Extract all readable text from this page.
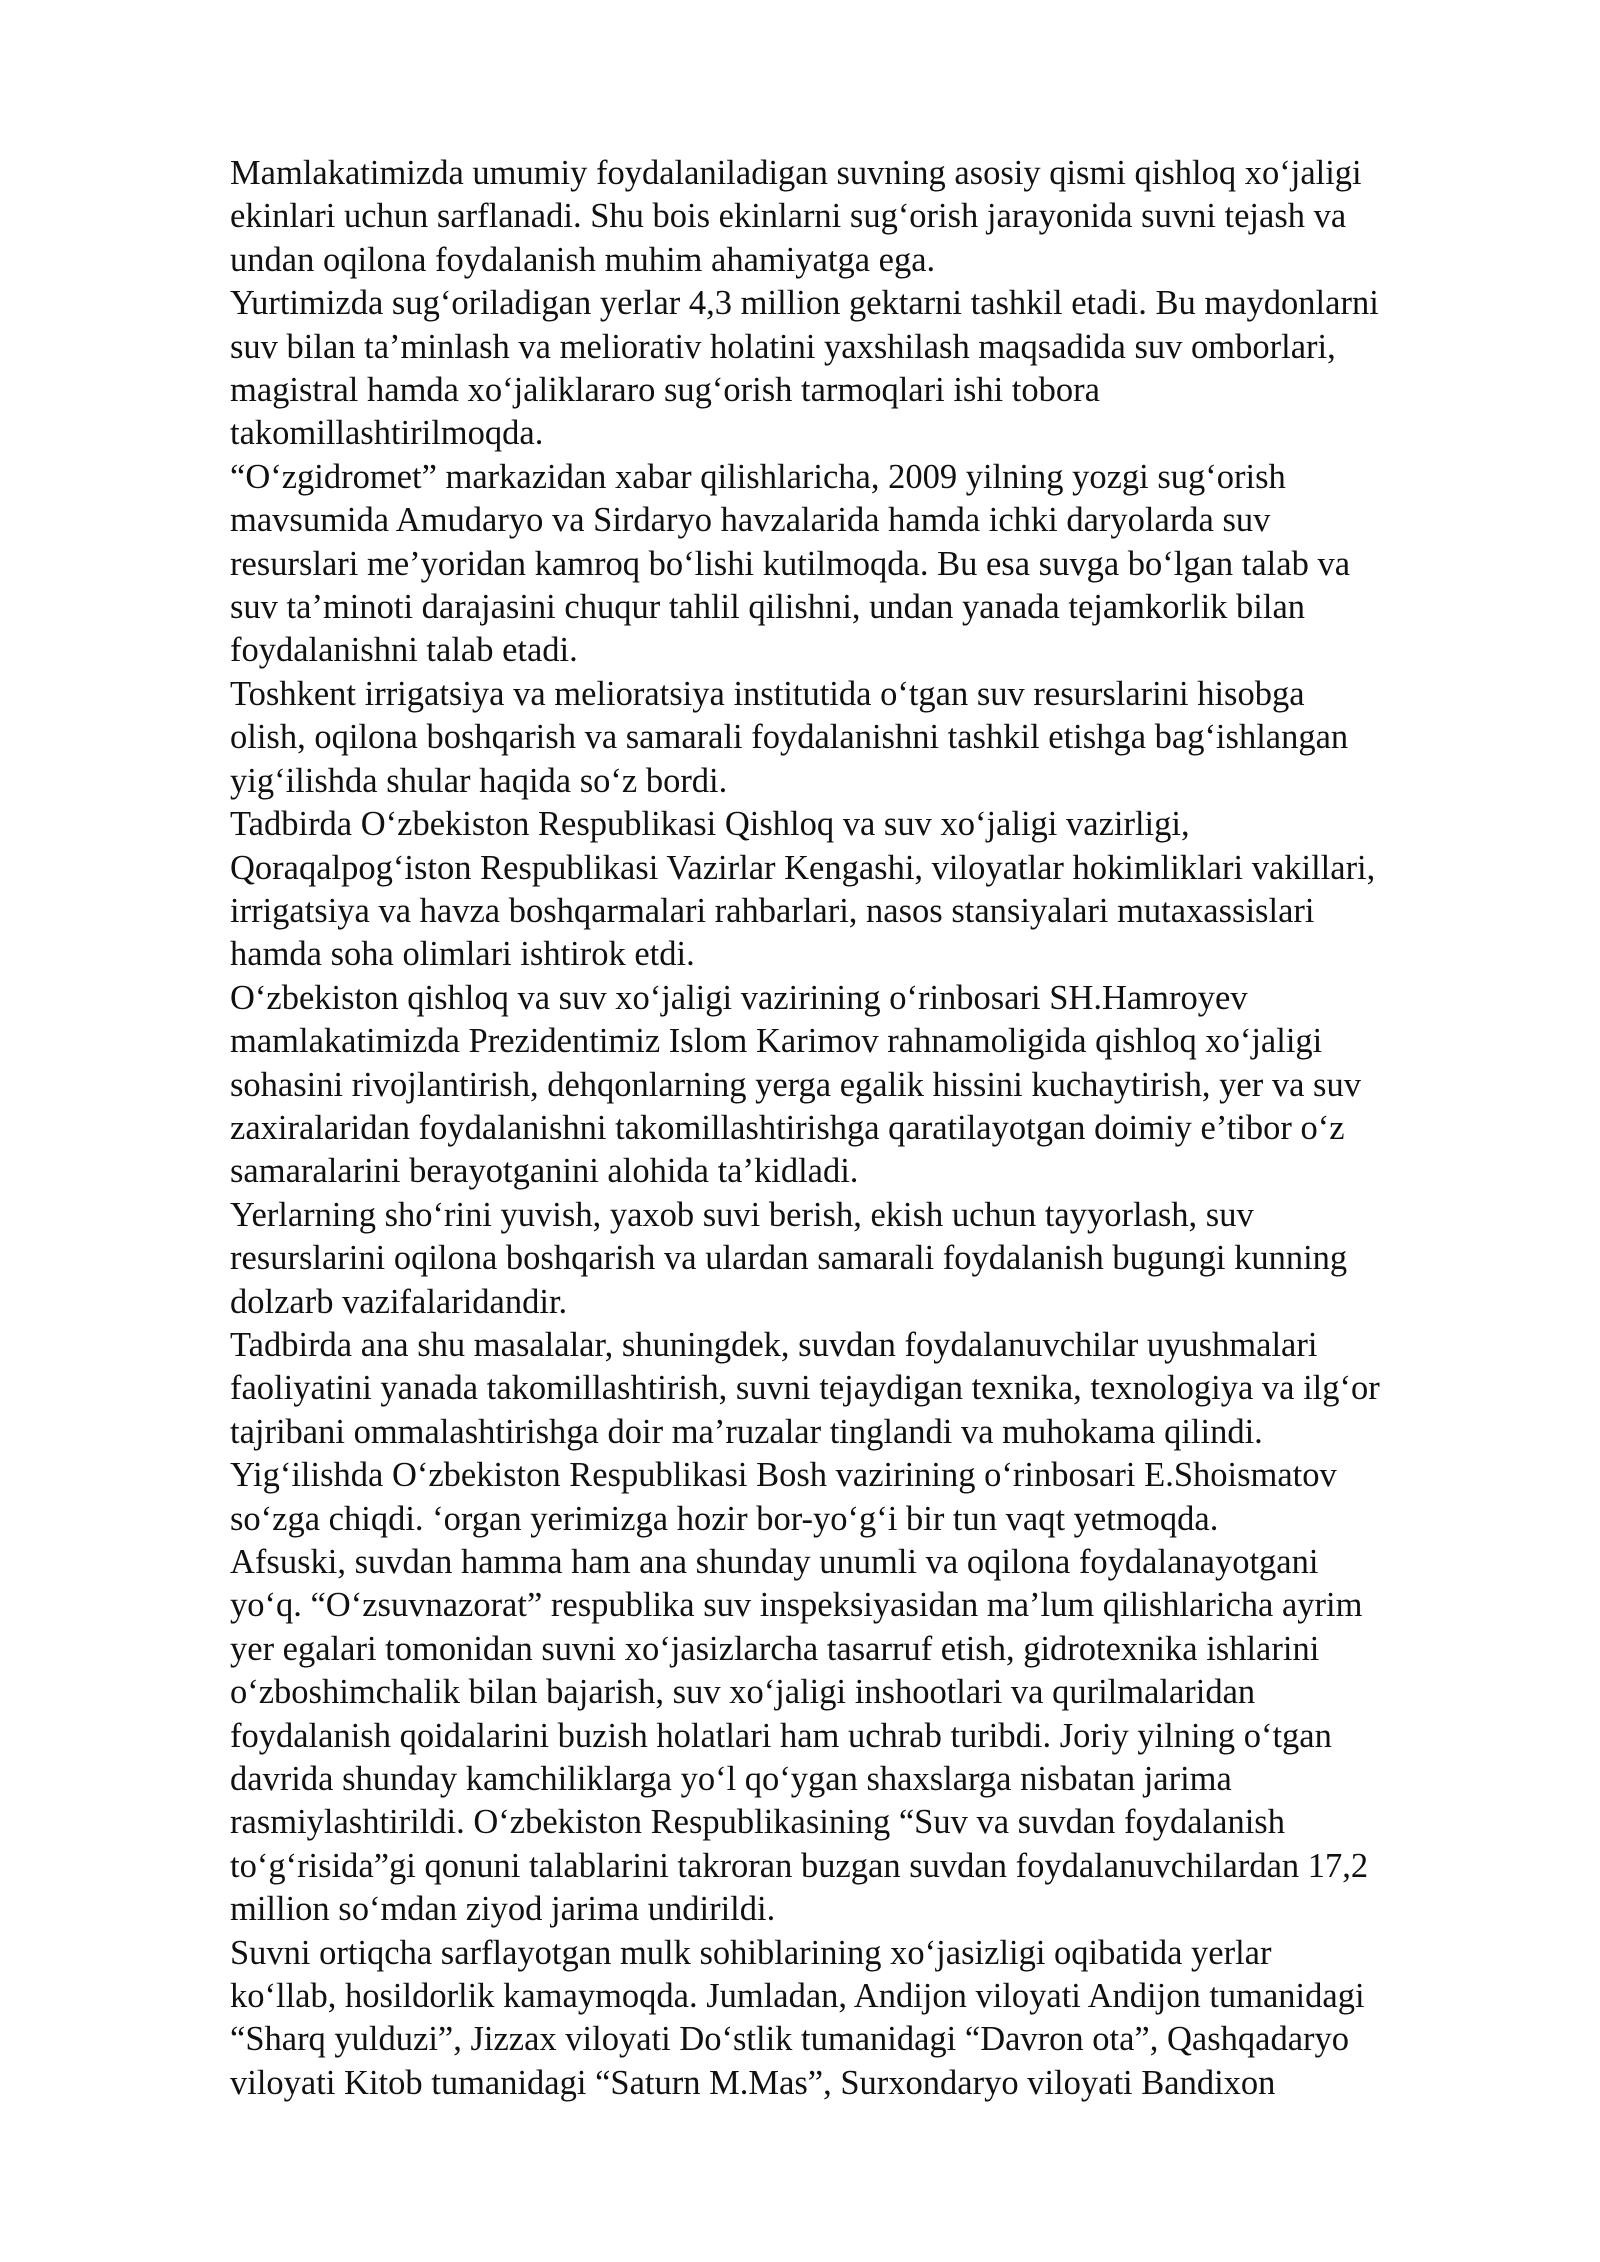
Mamlakatimizda umumiy foydalaniladigan suvning asosiy qismi qishloq xo‘jaligi
ekinlari uchun sarflanadi. Shu bois ekinlarni sug‘orish jarayonida suvni tejash va
undan oqilona foydalanish muhim ahamiyatga ega.
Yurtimizda sug‘oriladigan yerlar 4,3 million gektarni tashkil etadi. Bu maydonlarni
suv bilan ta’minlash va meliorativ holatini yaxshilash maqsadida suv omborlari,
magistral hamda xo‘jaliklararo sug‘orish tarmoqlari ishi tobora
takomillashtirilmoqda.
“O‘zgidromet” markazidan xabar qilishlaricha, 2009 yilning yozgi sug‘orish
mavsumida Amudaryo va Sirdaryo havzalarida hamda ichki daryolarda suv
resurslari me’yoridan kamroq bo‘lishi kutilmoqda. Bu esa suvga bo‘lgan talab va
suv ta’minoti darajasini chuqur tahlil qilishni, undan yanada tejamkorlik bilan
foydalanishni talab etadi.
Toshkent irrigatsiya va melioratsiya institutida o‘tgan suv resurslarini hisobga
olish, oqilona boshqarish va samarali foydalanishni tashkil etishga bag‘ishlangan
yig‘ilishda shular haqida so‘z bordi.
Tadbirda O‘zbekiston Respublikasi Qishloq va suv xo‘jaligi vazirligi,
Qoraqalpog‘iston Respublikasi Vazirlar Kengashi, viloyatlar hokimliklari vakillari,
irrigatsiya va havza boshqarmalari rahbarlari, nasos stansiyalari mutaxassislari
hamda soha olimlari ishtirok etdi.
O‘zbekiston qishloq va suv xo‘jaligi vazirining o‘rinbosari SH.Hamroyev
mamlakatimizda Prezidentimiz Islom Karimov rahnamoligida qishloq xo‘jaligi
sohasini rivojlantirish, dehqonlarning yerga egalik hissini kuchaytirish, yer va suv
zaxiralaridan foydalanishni takomillashtirishga qaratilayotgan doimiy e’tibor o‘z
samaralarini berayotganini alohida ta’kidladi.
Yerlarning sho‘rini yuvish, yaxob suvi berish, ekish uchun tayyorlash, suv
resurslarini oqilona boshqarish va ulardan samarali foydalanish bugungi kunning
dolzarb vazifalaridandir.
Tadbirda ana shu masalalar, shuningdek, suvdan foydalanuvchilar uyushmalari
faoliyatini yanada takomillashtirish, suvni tejaydigan texnika, texnologiya va ilg‘or
tajribani ommalashtirishga doir ma’ruzalar tinglandi va muhokama qilindi.
Yig‘ilishda O‘zbekiston Respublikasi Bosh vazirining o‘rinbosari E.Shoismatov
so‘zga chiqdi. ‘organ yerimizga hozir bor-yo‘g‘i bir tun vaqt yetmoqda.
Afsuski, suvdan hamma ham ana shunday unumli va oqilona foydalanayotgani
yo‘q. “O‘zsuvnazorat” respublika suv inspeksiyasidan ma’lum qilishlaricha ayrim
yer egalari tomonidan suvni xo‘jasizlarcha tasarruf etish, gidrotexnika ishlarini
o‘zboshimchalik bilan bajarish, suv xo‘jaligi inshootlari va qurilmalaridan
foydalanish qoidalarini buzish holatlari ham uchrab turibdi. Joriy yilning o‘tgan
davrida shunday kamchiliklarga yo‘l qo‘ygan shaxslarga nisbatan jarima
rasmiylashtirildi. O‘zbekiston Respublikasining “Suv va suvdan foydalanish
to‘g‘risida”gi qonuni talablarini takroran buzgan suvdan foydalanuvchilardan 17,2
million so‘mdan ziyod jarima undirildi.
Suvni ortiqcha sarflayotgan mulk sohiblarining xo‘jasizligi oqibatida yerlar
ko‘llab, hosildorlik kamaymoqda. Jumladan, Andijon viloyati Andijon tumanidagi
“Sharq yulduzi”, Jizzax viloyati Do‘stlik tumanidagi “Davron ota”, Qashqadaryo
viloyati Kitob tumanidagi “Saturn M.Mas”, Surxondaryo viloyati Bandixon
